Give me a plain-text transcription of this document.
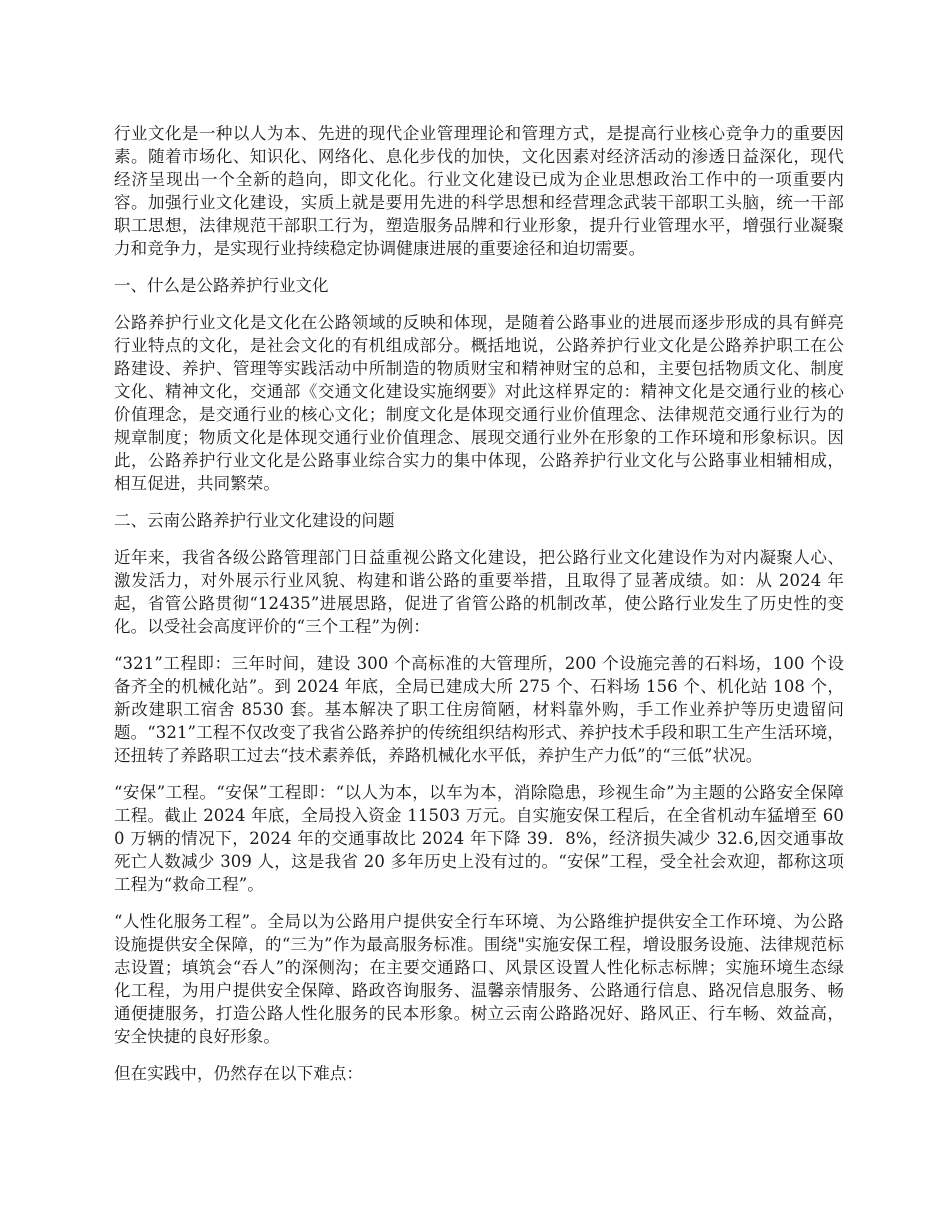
行业文化是一种以人为本、先进的现代企业管理理论和管理方式，是提高行业核心竞争力的重要因素。随着市场化、知识化、网络化、息化步伐的加快，文化因素对经济活动的渗透日益深化，现代经济呈现出一个全新的趋向，即文化化。行业文化建设已成为企业思想政治工作中的一项重要内容。加强行业文化建设，实质上就是要用先进的科学思想和经营理念武装干部职工头脑，统一干部职工思想，法律规范干部职工行为，塑造服务品牌和行业形象，提升行业管理水平，增强行业凝聚力和竞争力，是实现行业持续稳定协调健康进展的重要途径和迫切需要。

一、什么是公路养护行业文化

公路养护行业文化是文化在公路领域的反映和体现，是随着公路事业的进展而逐步形成的具有鲜亮行业特点的文化，是社会文化的有机组成部分。概括地说，公路养护行业文化是公路养护职工在公路建设、养护、管理等实践活动中所制造的物质财宝和精神财宝的总和，主要包括物质文化、制度文化、精神文化，交通部《交通文化建设实施纲要》对此这样界定的：精神文化是交通行业的核心价值理念，是交通行业的核心文化；制度文化是体现交通行业价值理念、法律规范交通行业行为的规章制度；物质文化是体现交通行业价值理念、展现交通行业外在形象的工作环境和形象标识。因此，公路养护行业文化是公路事业综合实力的集中体现，公路养护行业文化与公路事业相辅相成，相互促进，共同繁荣。

二、云南公路养护行业文化建设的问题

近年来，我省各级公路管理部门日益重视公路文化建设，把公路行业文化建设作为对内凝聚人心、激发活力，对外展示行业风貌、构建和谐公路的重要举措，且取得了显著成绩。如：从 2024 年起，省管公路贯彻“12435”进展思路，促进了省管公路的机制改革，使公路行业发生了历史性的变化。以受社会高度评价的“三个工程”为例：

“321”工程即：三年时间，建设 300 个高标准的大管理所，200 个设施完善的石料场，100 个设备齐全的机械化站”。到 2024 年底，全局已建成大所 275 个、石料场 156 个、机化站 108 个，新改建职工宿舍 8530 套。基本解决了职工住房简陋，材料靠外购，手工作业养护等历史遗留问题。“321”工程不仅改变了我省公路养护的传统组织结构形式、养护技术手段和职工生产生活环境，还扭转了养路职工过去“技术素养低，养路机械化水平低，养护生产力低”的“三低”状况。

“安保”工程。“安保”工程即：“以人为本，以车为本，消除隐患，珍视生命”为主题的公路安全保障工程。截止 2024 年底，全局投入资金 11503 万元。自实施安保工程后，在全省机动车猛增至 600 万辆的情况下，2024 年的交通事故比 2024 年下降 39．8%，经济损失减少 32.6,因交通事故死亡人数减少 309 人，这是我省 20 多年历史上没有过的。“安保”工程，受全社会欢迎，都称这项工程为“救命工程”。

“人性化服务工程”。全局以为公路用户提供安全行车环境、为公路维护提供安全工作环境、为公路设施提供安全保障，的“三为”作为最高服务标准。围绕"实施安保工程，增设服务设施、法律规范标志设置；填筑会“吞人”的深侧沟；在主要交通路口、风景区设置人性化标志标牌；实施环境生态绿化工程，为用户提供安全保障、路政咨询服务、温馨亲情服务、公路通行信息、路况信息服务、畅通便捷服务，打造公路人性化服务的民本形象。树立云南公路路况好、路风正、行车畅、效益高，安全快捷的良好形象。

但在实践中，仍然存在以下难点：
